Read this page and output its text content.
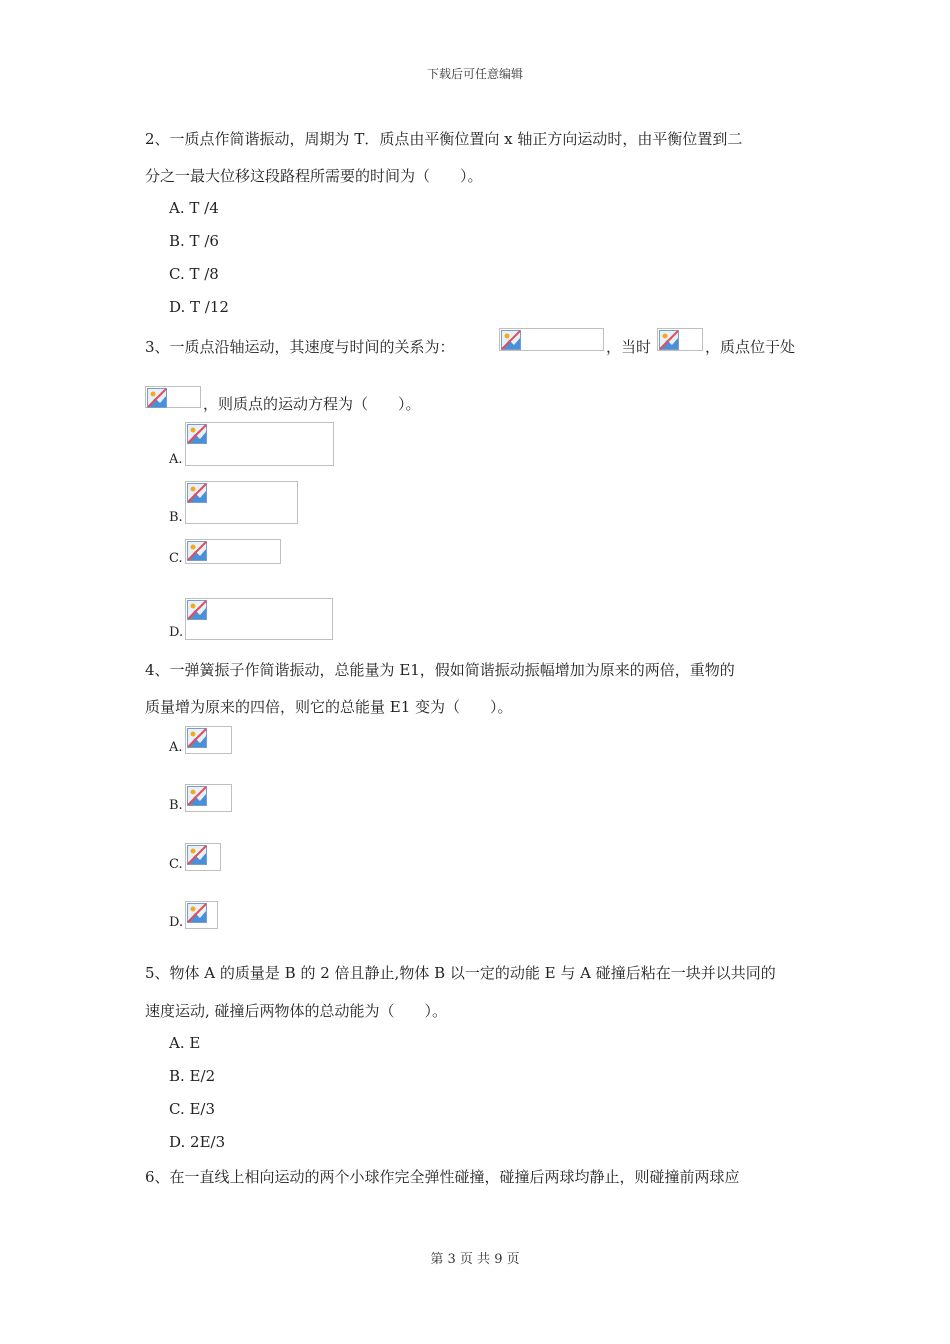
下载后可任意编辑
2、一质点作简谐振动，周期为 T．质点由平衡位置向 x 轴正方向运动时，由平衡位置到二
分之一最大位移这段路程所需要的时间为（　　）。
A. T /4
B. T /6
C. T /8
D. T /12
3、一质点沿轴运动，其速度与时间的关系为：	，当时	，质点位于处
，则质点的运动方程为（　　）。
A.
B.
C.
D.
4、一弹簧振子作简谐振动，总能量为 E1，假如简谐振动振幅增加为原来的两倍，重物的
质量增为原来的四倍，则它的总能量 E1 变为（　　）。
A.
B.
C.
D.
5、物体 A 的质量是 B 的 2 倍且静止,物体 B 以一定的动能 E 与 A 碰撞后粘在一块并以共同的
速度运动, 碰撞后两物体的总动能为（　　）。
A. E
B. E/2
C. E/3
D. 2E/3
6、在一直线上相向运动的两个小球作完全弹性碰撞，碰撞后两球均静止，则碰撞前两球应
第 3 页 共 9 页
